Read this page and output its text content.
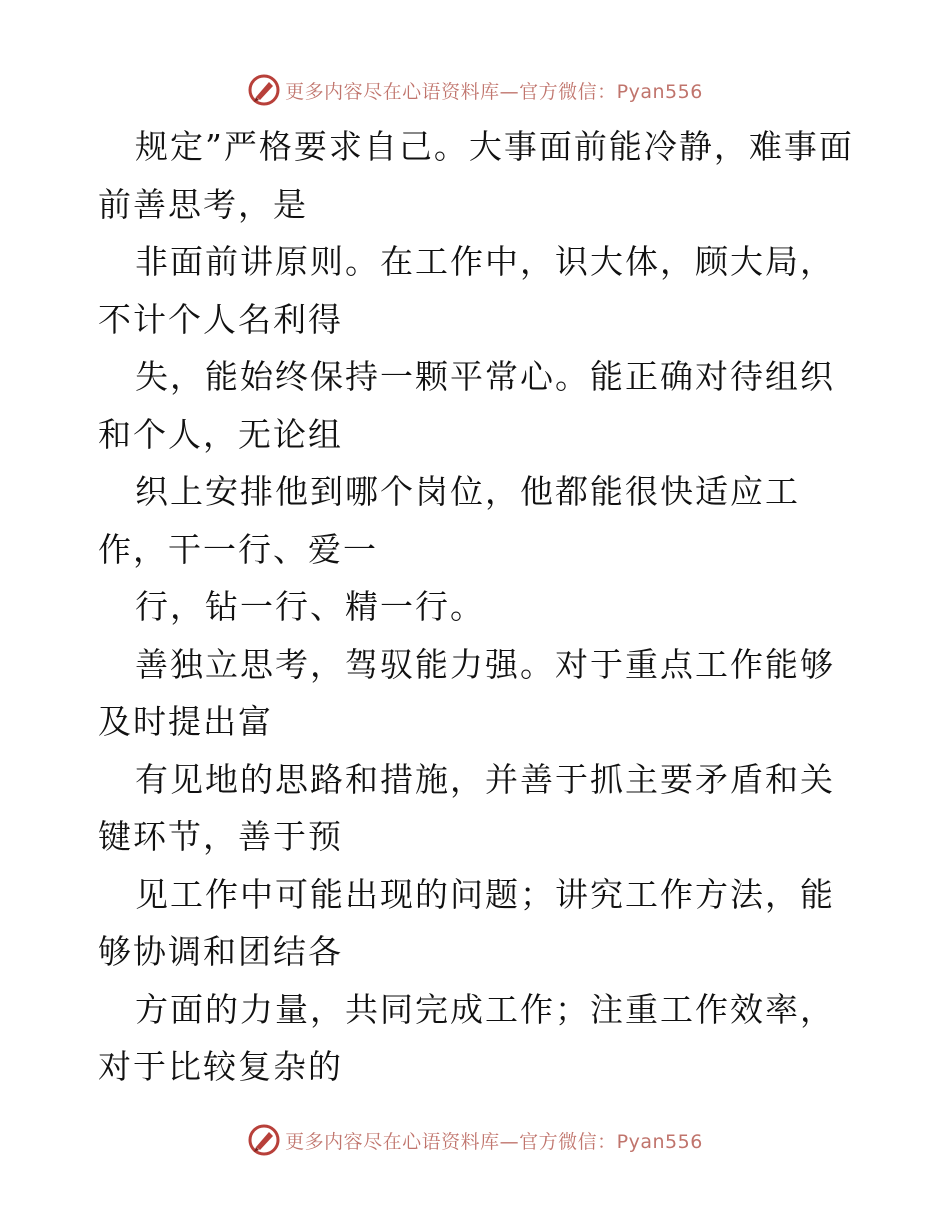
更多内容尽在心语资料库—官方微信：Pyan556

规定”严格要求自己。大事面前能冷静，难事面前善思考，是

非面前讲原则。在工作中，识大体，顾大局，不计个人名利得

失，能始终保持一颗平常心。能正确对待组织和个人，无论组

织上安排他到哪个岗位，他都能很快适应工作，干一行、爱一

行，钻一行、精一行。

善独立思考，驾驭能力强。对于重点工作能够及时提出富

有见地的思路和措施，并善于抓主要矛盾和关键环节，善于预

见工作中可能出现的问题；讲究工作方法，能够协调和团结各

方面的力量，共同完成工作；注重工作效率，对于比较复杂的

更多内容尽在心语资料库—官方微信：Pyan556
